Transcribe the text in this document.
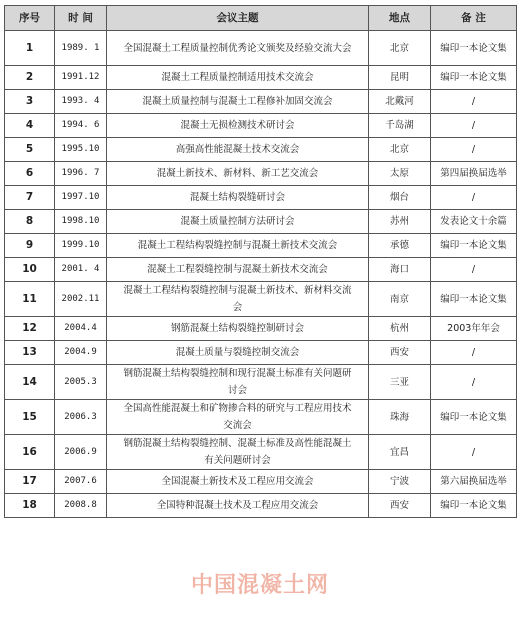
序号	时 间	会议主题	地点	备 注
1	1989. 1	全国混凝土工程质量控制优秀论文颁奖及经验交流大会	北京	编印一本论文集
2	1991.12	混凝土工程质量控制适用技术交流会	昆明	编印一本论文集
3	1993. 4	混凝土质量控制与混凝土工程修补加固交流会	北戴河	/
4	1994. 6	混凝土无损检测技术研讨会	千岛湖	/
5	1995.10	高强高性能混凝土技术交流会	北京	/
6	1996. 7	混凝土新技术、新材料、新工艺交流会	太原	第四届换届选举
7	1997.10	混凝土结构裂缝研讨会	烟台	/
8	1998.10	混凝土质量控制方法研讨会	苏州	发表论文十余篇
9	1999.10	混凝土工程结构裂缝控制与混凝土新技术交流会	承德	编印一本论文集
10	2001. 4	混凝土工程裂缝控制与混凝土新技术交流会	海口	/
11	2002.11	混凝土工程结构裂缝控制与混凝土新技术、新材料交流会	南京	编印一本论文集
12	2004.4	钢筋混凝土结构裂缝控制研讨会	杭州	2003年年会
13	2004.9	混凝土质量与裂缝控制交流会	西安	/
14	2005.3	钢筋混凝土结构裂缝控制和现行混凝土标准有关问题研讨会	三亚	/
15	2006.3	全国高性能混凝土和矿物掺合料的研究与工程应用技术交流会	珠海	编印一本论文集
16	2006.9	钢筋混凝土结构裂缝控制、混凝土标准及高性能混凝土有关问题研讨会	宜昌	/
17	2007.6	全国混凝土新技术及工程应用交流会	宁波	第六届换届选举
18	2008.8	全国特种混凝土技术及工程应用交流会	西安	编印一本论文集
中国混凝土网
